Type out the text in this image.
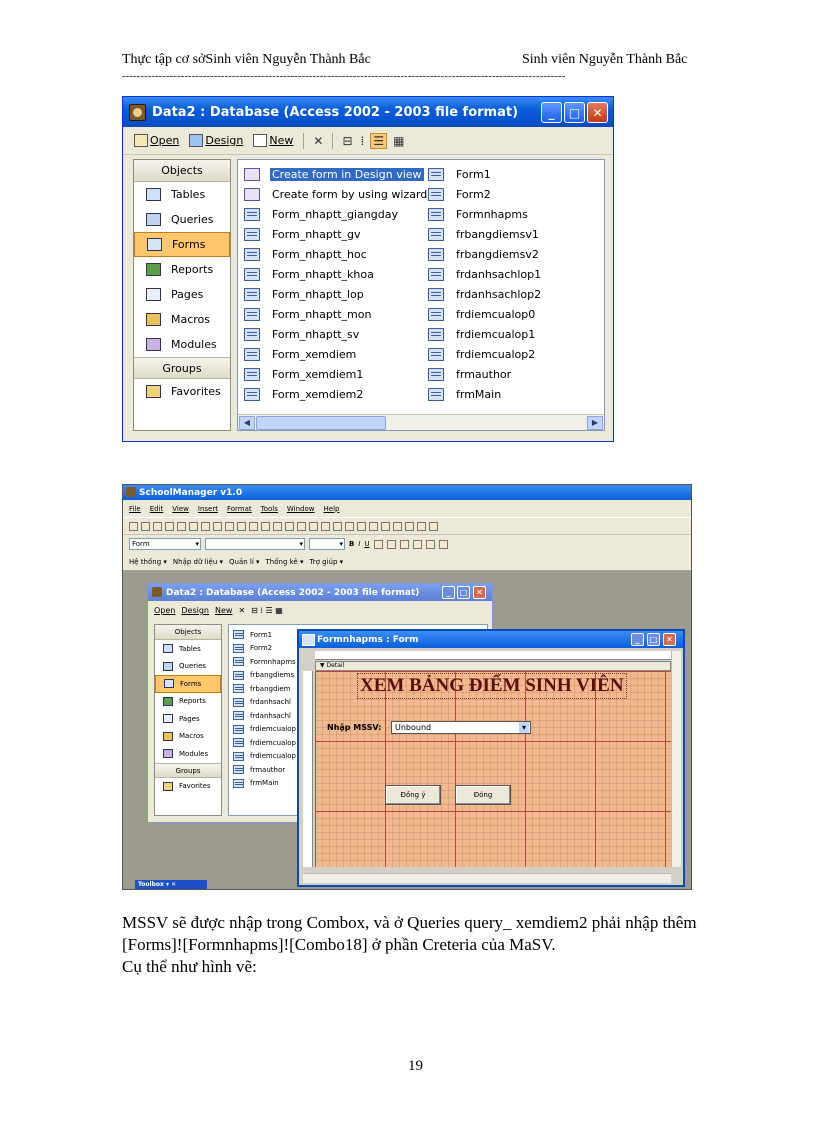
Thực tập cơ sởSinh viên Nguyễn Thành Bắc	Sinh viên Nguyễn Thành Bắc
-------------------------------------------------------------------------------------------------------------------------
Data2 : Database (Access 2002 - 2003 file format)	_	□	✕
Open Design New ✕ ⊟ ⁞ ☰ ▦
Objects
Tables
Queries
Forms
Reports
Pages
Macros
Modules
Groups
Favorites
Create form in Design view
Create form by using wizard
Form_nhaptt_giangday
Form_nhaptt_gv
Form_nhaptt_hoc
Form_nhaptt_khoa
Form_nhaptt_lop
Form_nhaptt_mon
Form_nhaptt_sv
Form_xemdiem
Form_xemdiem1
Form_xemdiem2
Form1
Form2
Formnhapms
frbangdiemsv1
frbangdiemsv2
frdanhsachlop1
frdanhsachlop2
frdiemcualop0
frdiemcualop1
frdiemcualop2
frmauthor
frmMain
◀	▶
SchoolManager v1.0
File Edit View Insert Format Tools Window Help
Form ▾ ▾ ▾	B I U
Hệ thống ▾ Nhập dữ liệu ▾ Quản lí ▾ Thống kê ▾ Trợ giúp ▾
Data2 : Database (Access 2002 - 2003 file format)	_	□	✕
Open Design New ✕ ⊟ ⁞ ☰ ▦
Objects
Tables
Queries
Forms
Reports
Pages
Macros
Modules
Groups
Favorites
Form1
Form2
Formnhapms
frbangdiems
frbangdiem
frdanhsachl
frdanhsachl
frdiemcualop
frdiemcualop
frdiemcualop
frmauthor
frmMain
Formnhapms : Form	_	□	✕
▼ Detail
XEM BẢNG ĐIỂM SINH VIÊN
Nhập MSSV:	Unbound ▾
Đồng ý	Đóng
Toolbox ▾ ✕
MSSV sẽ được nhập trong Combox, và ở Queries query_ xemdiem2 phải nhập thêm [Forms]![Formnhapms]![Combo18] ở phần Creteria của MaSV.
Cụ thể như hình vẽ:
19
